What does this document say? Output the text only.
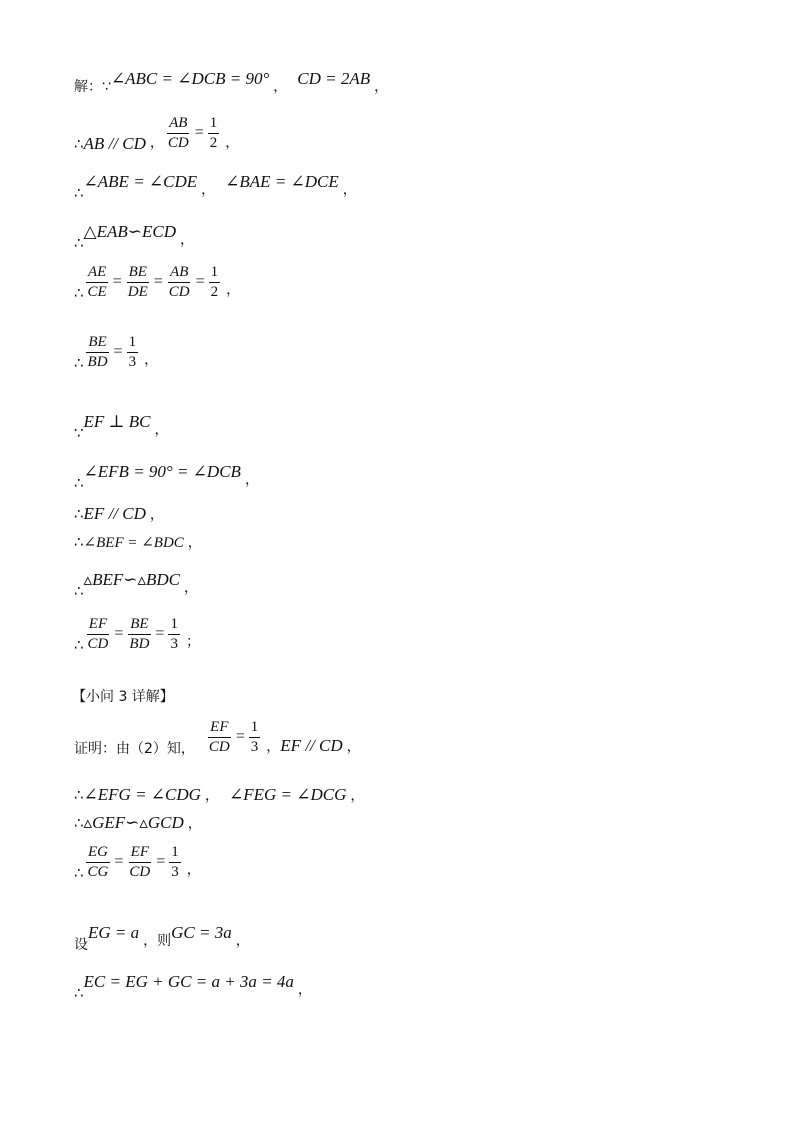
解：∵ ∠ABC = ∠DCB = 90° ， CD = 2AB ，
∴ AB // CD ， $\frac{AB}{CD} = \frac{1}{2}$ ，
∴
∠ABE = ∠CDE ， ∠BAE = ∠DCE ，
∴
△EAB∽ECD ，
∴ $\frac{AE}{CE} = \frac{BE}{DE} = \frac{AB}{CD} = \frac{1}{2}$ ，
∴ $\frac{BE}{BD} = \frac{1}{3}$ ，
∵
EF ⊥ BC ，
∴
∠EFB = 90° = ∠DCB ，
∴ EF // CD ，
∴ ∠BEF = ∠BDC ，
∴
▵BEF∽▵BDC ，
∴ $\frac{EF}{CD} = \frac{BE}{BD} = \frac{1}{3}$ ；
【小问 3 详解】
证明：由（2）知， $\frac{EF}{CD} = \frac{1}{3}$ ， EF // CD ，
∴ ∠EFG = ∠CDG ， ∠FEG = ∠DCG ，
∴ ▵GEF∽▵GCD ，
∴ $\frac{EG}{CG} = \frac{EF}{CD} = \frac{1}{3}$ ，
设
EG = a ，则 GC = 3a ，
∴
EC = EG + GC = a + 3a = 4a ，
